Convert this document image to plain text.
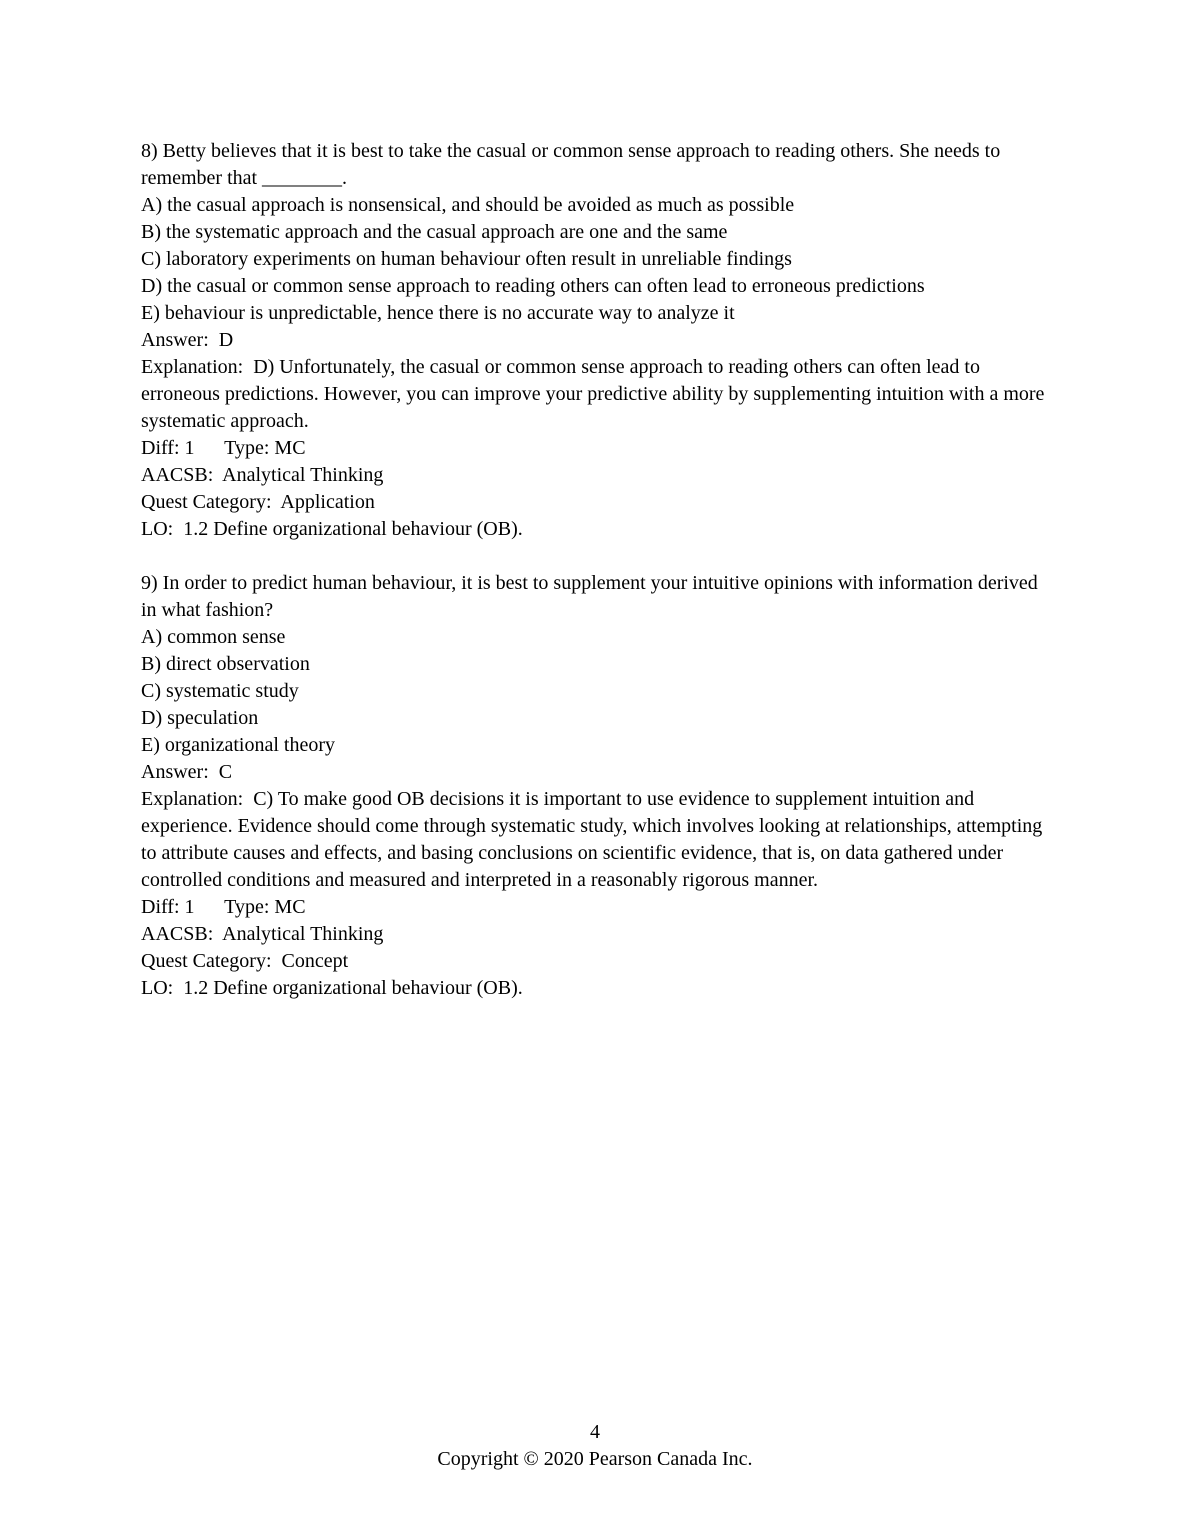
8) Betty believes that it is best to take the casual or common sense approach to reading others. She needs to remember that ________.

A) the casual approach is nonsensical, and should be avoided as much as possible

B) the systematic approach and the casual approach are one and the same

C) laboratory experiments on human behaviour often result in unreliable findings

D) the casual or common sense approach to reading others can often lead to erroneous predictions

E) behaviour is unpredictable, hence there is no accurate way to analyze it

Answer:  D

Explanation:  D) Unfortunately, the casual or common sense approach to reading others can often lead to erroneous predictions. However, you can improve your predictive ability by supplementing intuition with a more systematic approach.

Diff: 1      Type: MC

AACSB:  Analytical Thinking

Quest Category:  Application

LO:  1.2 Define organizational behaviour (OB).

9) In order to predict human behaviour, it is best to supplement your intuitive opinions with information derived in what fashion?

A) common sense

B) direct observation

C) systematic study

D) speculation

E) organizational theory

Answer:  C

Explanation:  C) To make good OB decisions it is important to use evidence to supplement intuition and experience. Evidence should come through systematic study, which involves looking at relationships, attempting to attribute causes and effects, and basing conclusions on scientific evidence, that is, on data gathered under controlled conditions and measured and interpreted in a reasonably rigorous manner.

Diff: 1      Type: MC

AACSB:  Analytical Thinking

Quest Category:  Concept

LO:  1.2 Define organizational behaviour (OB).

4

Copyright © 2020 Pearson Canada Inc.
